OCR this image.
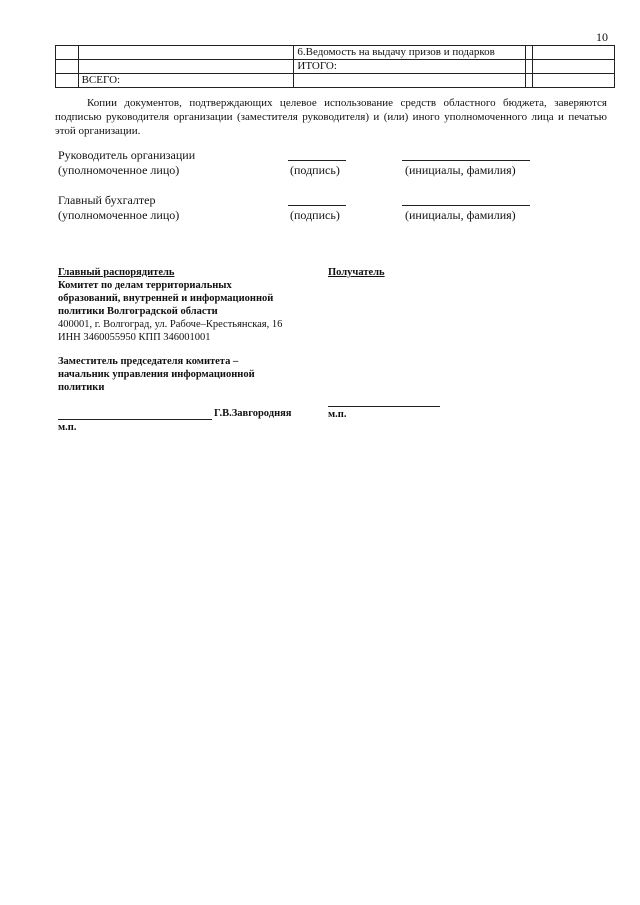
10
		6.Ведомость на выдачу призов и подарков		
		ИТОГО:		
	ВСЕГО:			
Копии документов, подтверждающих целевое использование средств областного бюджета, заверяются подписью руководителя организации (заместителя руководителя) и (или) иного уполномоченного лица и печатью этой организации.
Руководитель организации
(уполномоченное лицо)	(подпись)	(инициалы, фамилия)
Главный бухгалтер
(уполномоченное лицо)	(подпись)	(инициалы, фамилия)
Главный распорядитель
Комитет по делам территориальных
образований, внутренней и информационной
политики Волгоградской области
400001, г. Волгоград, ул. Рабоче–Крестьянская, 16
ИНН 3460055950 КПП 346001001
Заместитель председателя комитета –
начальник управления информационной
политики
Г.В.Завгородняя
м.п.
Получатель
м.п.
